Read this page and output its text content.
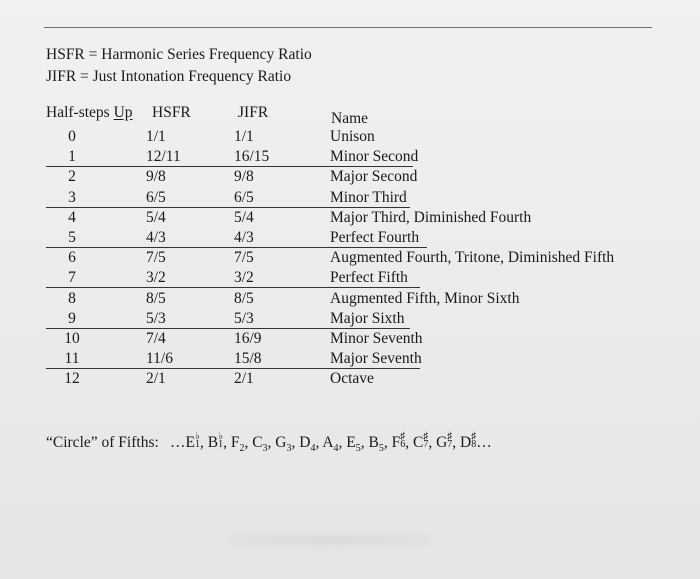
HSFR = Harmonic Series Frequency Ratio
JIFR = Just Intonation Frequency Ratio
Half-steps Up HSFR	JIFR	Name
0	1/1	1/1	Unison
1	12/11	16/15	Minor Second
2	9/8	9/8	Major Second
3	6/5	6/5	Minor Third
4	5/4	5/4	Major Third, Diminished Fourth
5	4/3	4/3	Perfect Fourth
6	7/5	7/5	Augmented Fourth, Tritone, Diminished Fifth
7	3/2	3/2	Perfect Fifth
8	8/5	8/5	Augmented Fifth, Minor Sixth
9	5/3	5/3	Major Sixth
10	7/4	16/9	Minor Seventh
11	11/6	15/8	Major Seventh
12	2/1	2/1	Octave
“Circle” of Fifths: …E ♭
1 , B ♭
1 , $F_2$, $C_3$, $G_3$, $D_4$, $A_4$, $E_5$, $B_5$, F ♯
6 , C ♯
7 , G ♯
7 , D ♯
8 …
